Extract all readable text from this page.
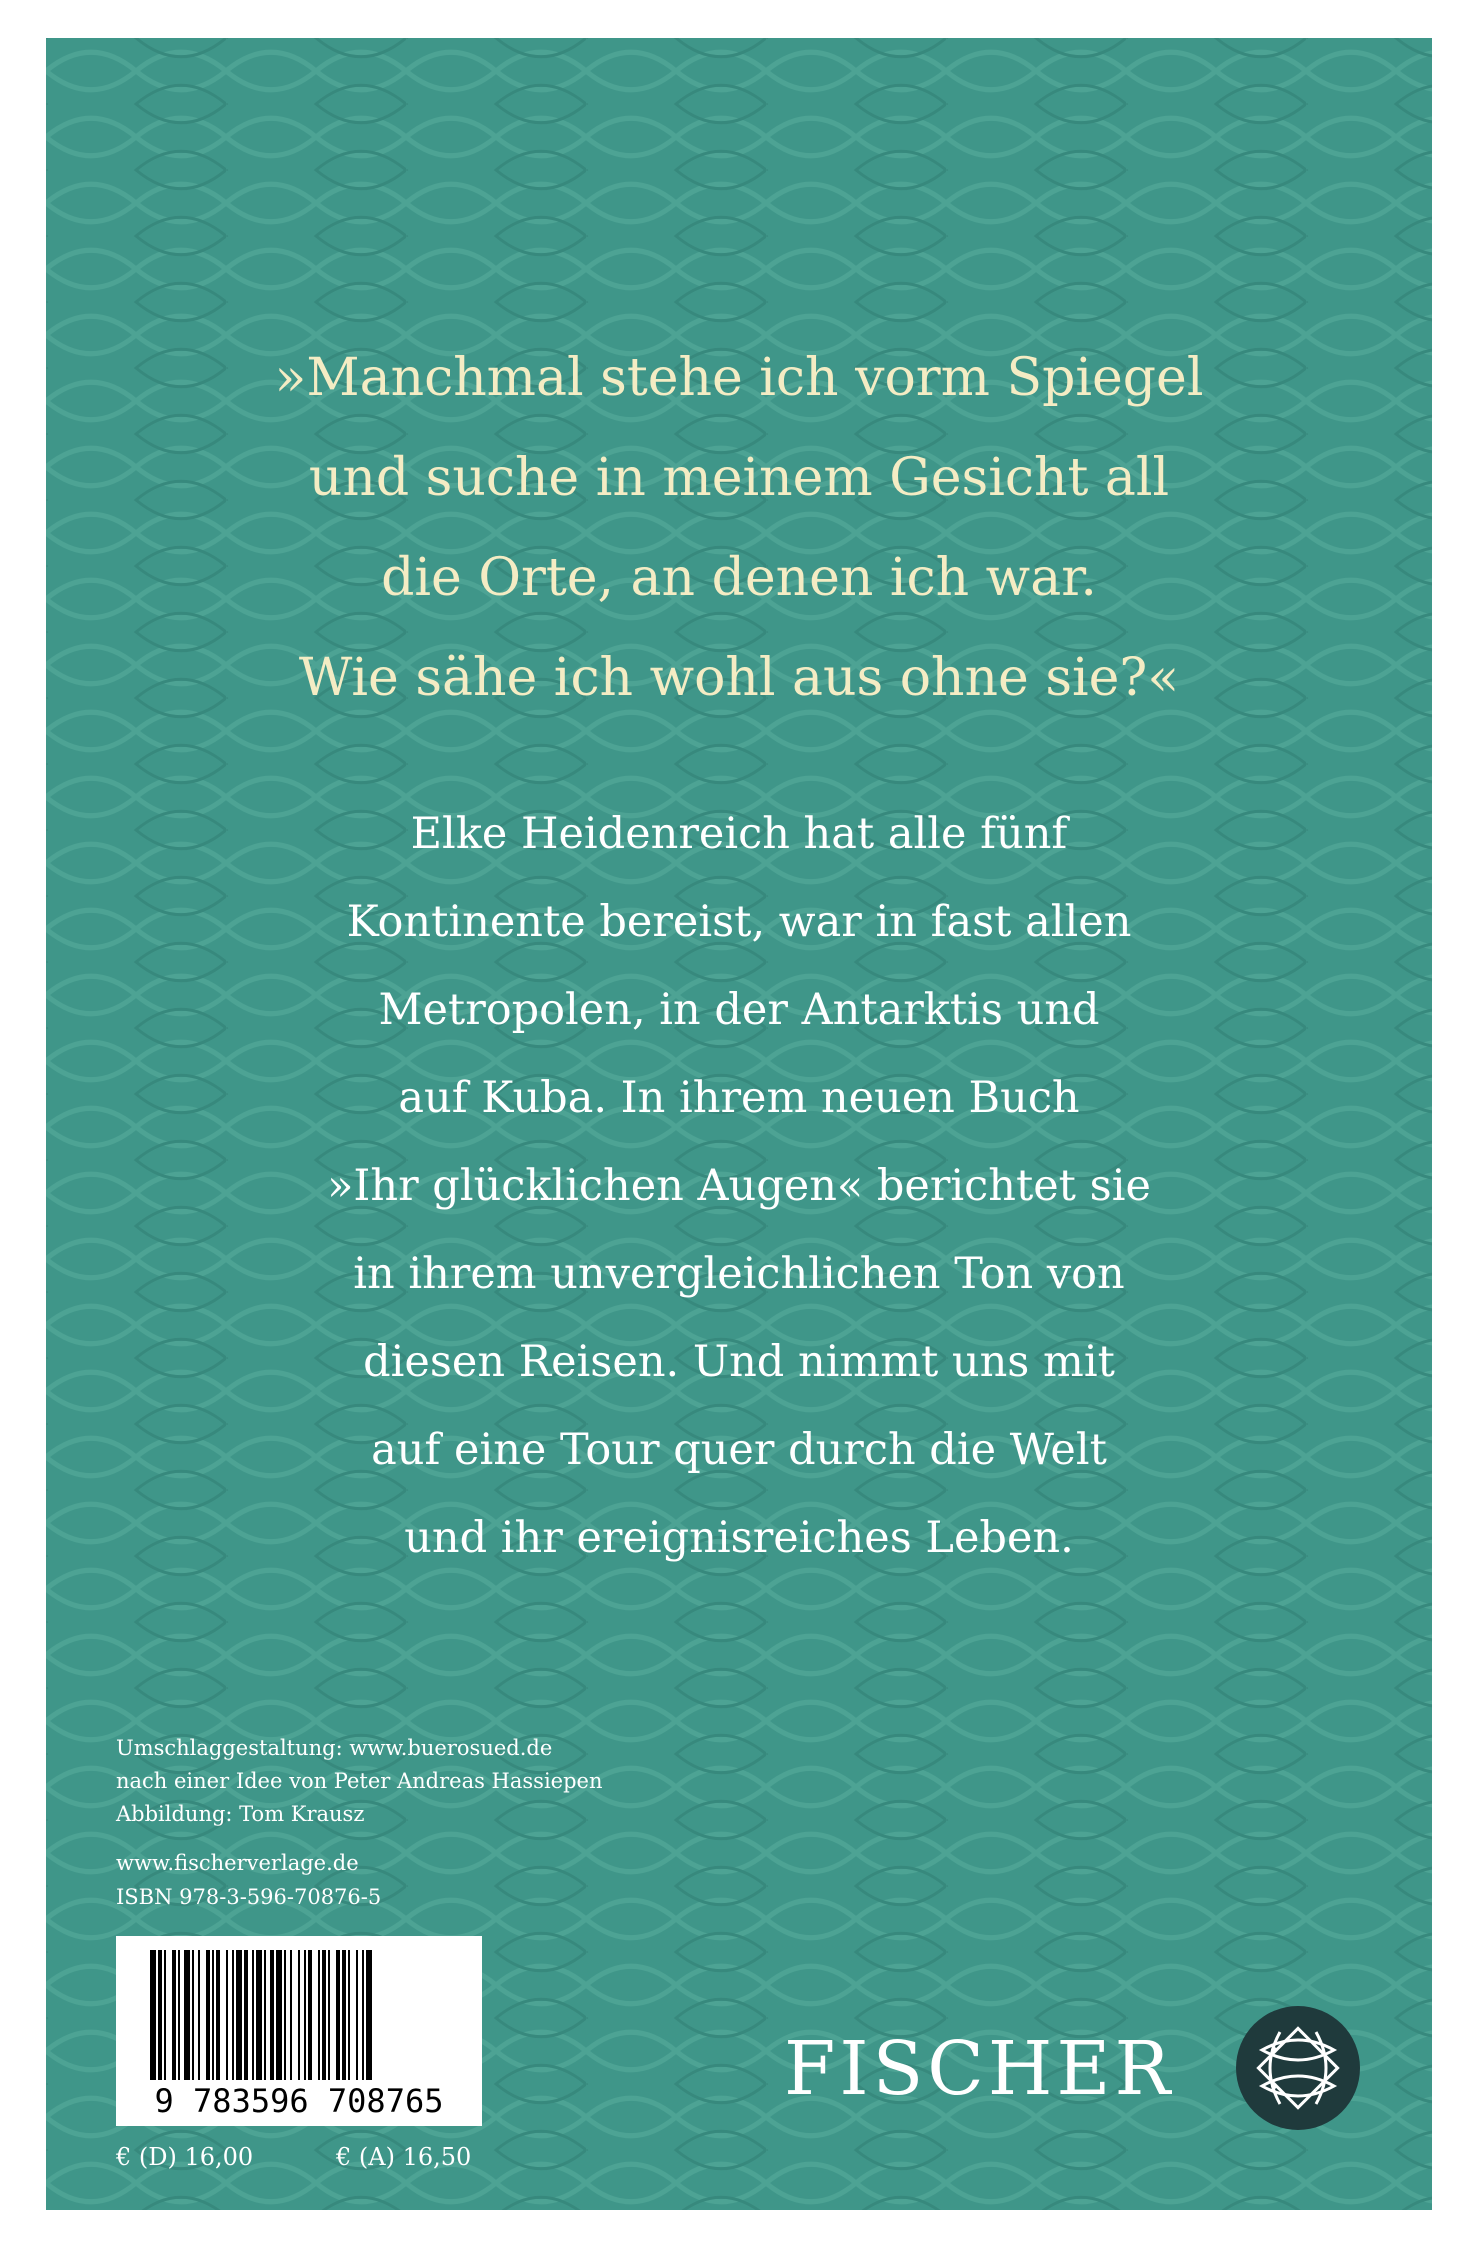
»Manchmal stehe ich vorm Spiegel
und suche in meinem Gesicht all
die Orte, an denen ich war.
Wie sähe ich wohl aus ohne sie?«

Elke Heidenreich hat alle fünf
Kontinente bereist, war in fast allen
Metropolen, in der Antarktis und
auf Kuba. In ihrem neuen Buch
»Ihr glücklichen Augen« berichtet sie
in ihrem unvergleichlichen Ton von
diesen Reisen. Und nimmt uns mit
auf eine Tour quer durch die Welt
und ihr ereignisreiches Leben.

Umschlaggestaltung: www.buerosued.de
nach einer Idee von Peter Andreas Hassiepen
Abbildung: Tom Krausz

www.fischerverlage.de
ISBN 978-3-596-70876-5

9 783596 708765
€ (D) 16,00	€ (A) 16,50
FISCHER
